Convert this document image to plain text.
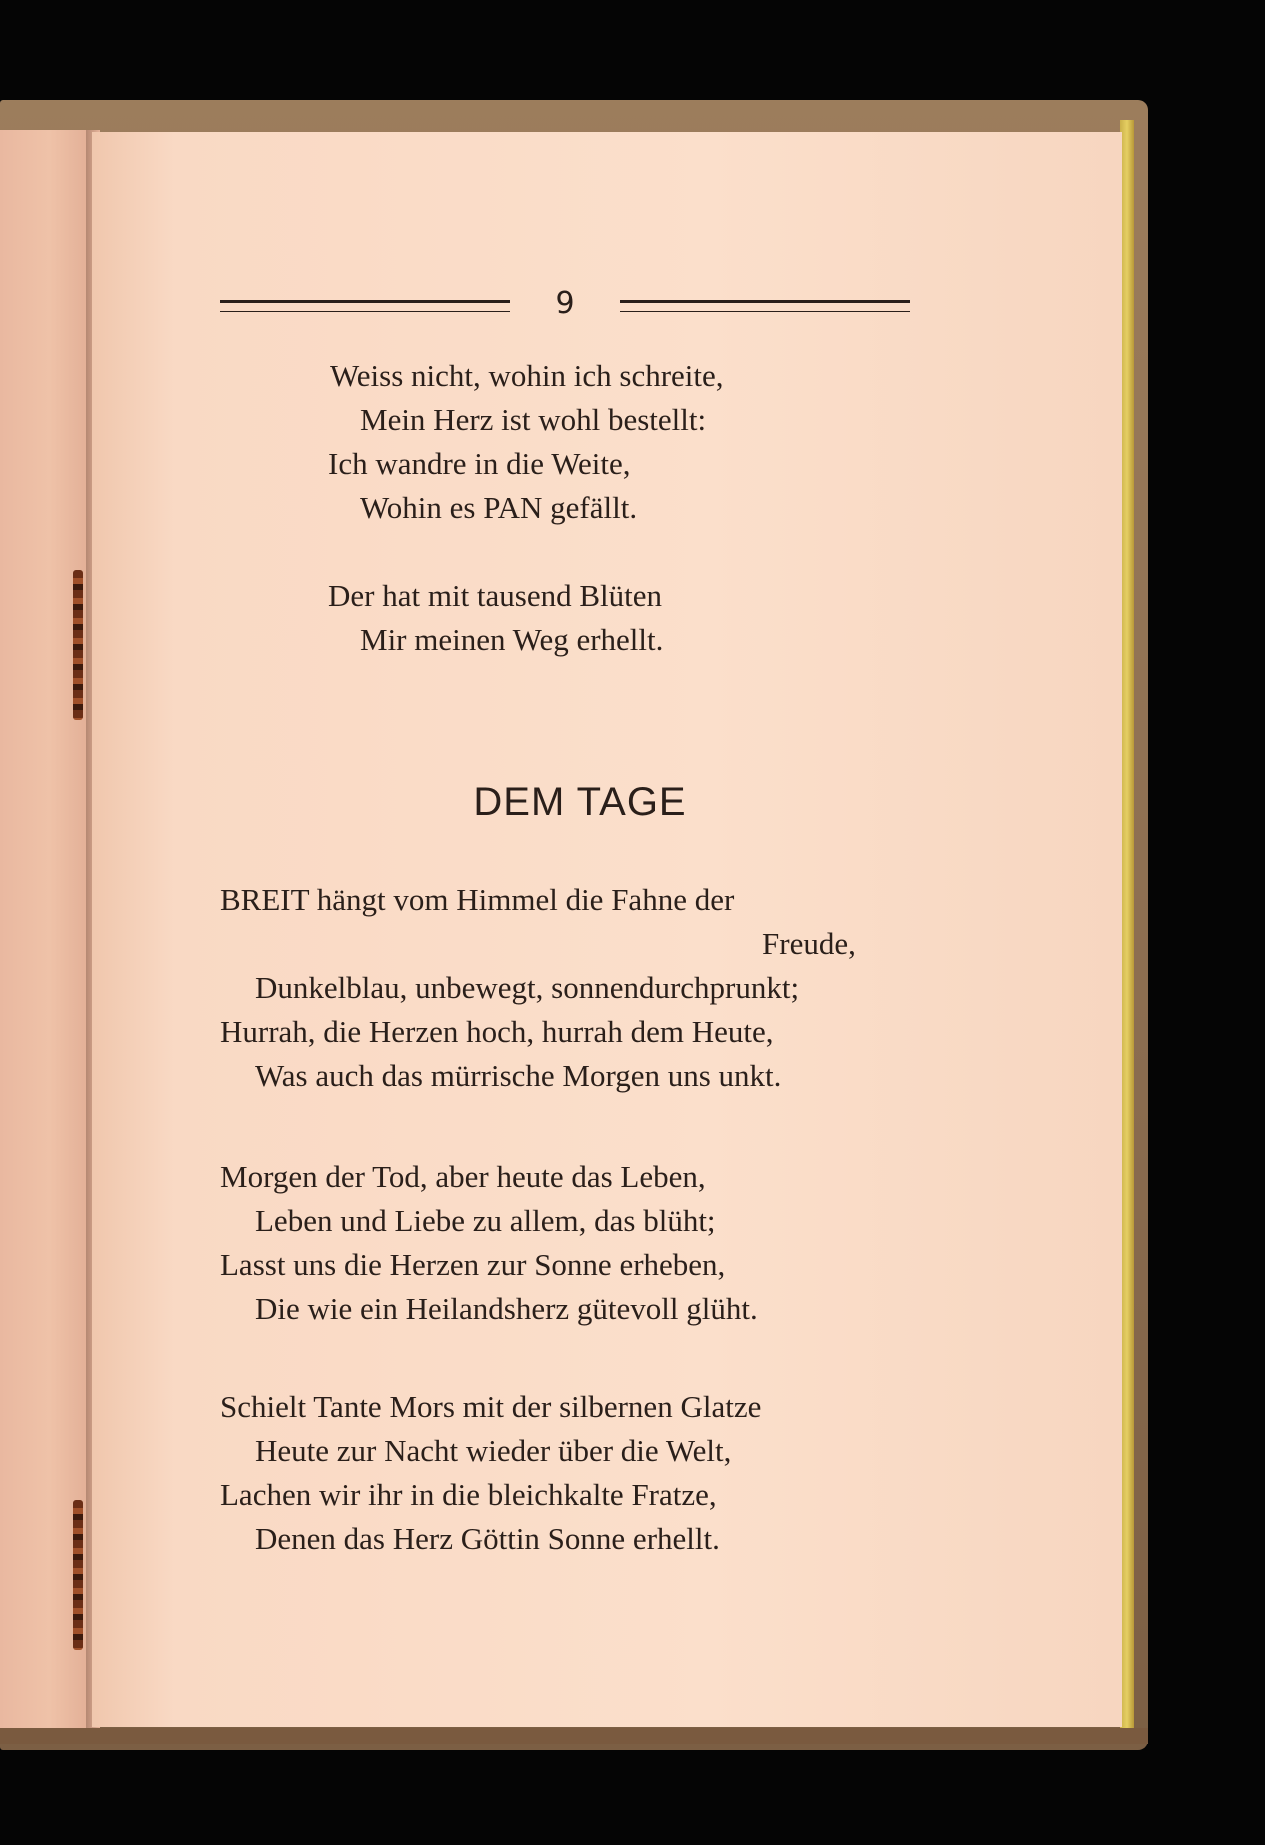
9
Weiss nicht, wohin ich schreite,
Mein Herz ist wohl bestellt:
Ich wandre in die Weite,
Wohin es PAN gefällt.
Der hat mit tausend Blüten
Mir meinen Weg erhellt.
DEM TAGE
BREIT hängt vom Himmel die Fahne der
Freude,
Dunkelblau, unbewegt, sonnendurchprunkt;
Hurrah, die Herzen hoch, hurrah dem Heute,
Was auch das mürrische Morgen uns unkt.
Morgen der Tod, aber heute das Leben,
Leben und Liebe zu allem, das blüht;
Lasst uns die Herzen zur Sonne erheben,
Die wie ein Heilandsherz gütevoll glüht.
Schielt Tante Mors mit der silbernen Glatze
Heute zur Nacht wieder über die Welt,
Lachen wir ihr in die bleichkalte Fratze,
Denen das Herz Göttin Sonne erhellt.
